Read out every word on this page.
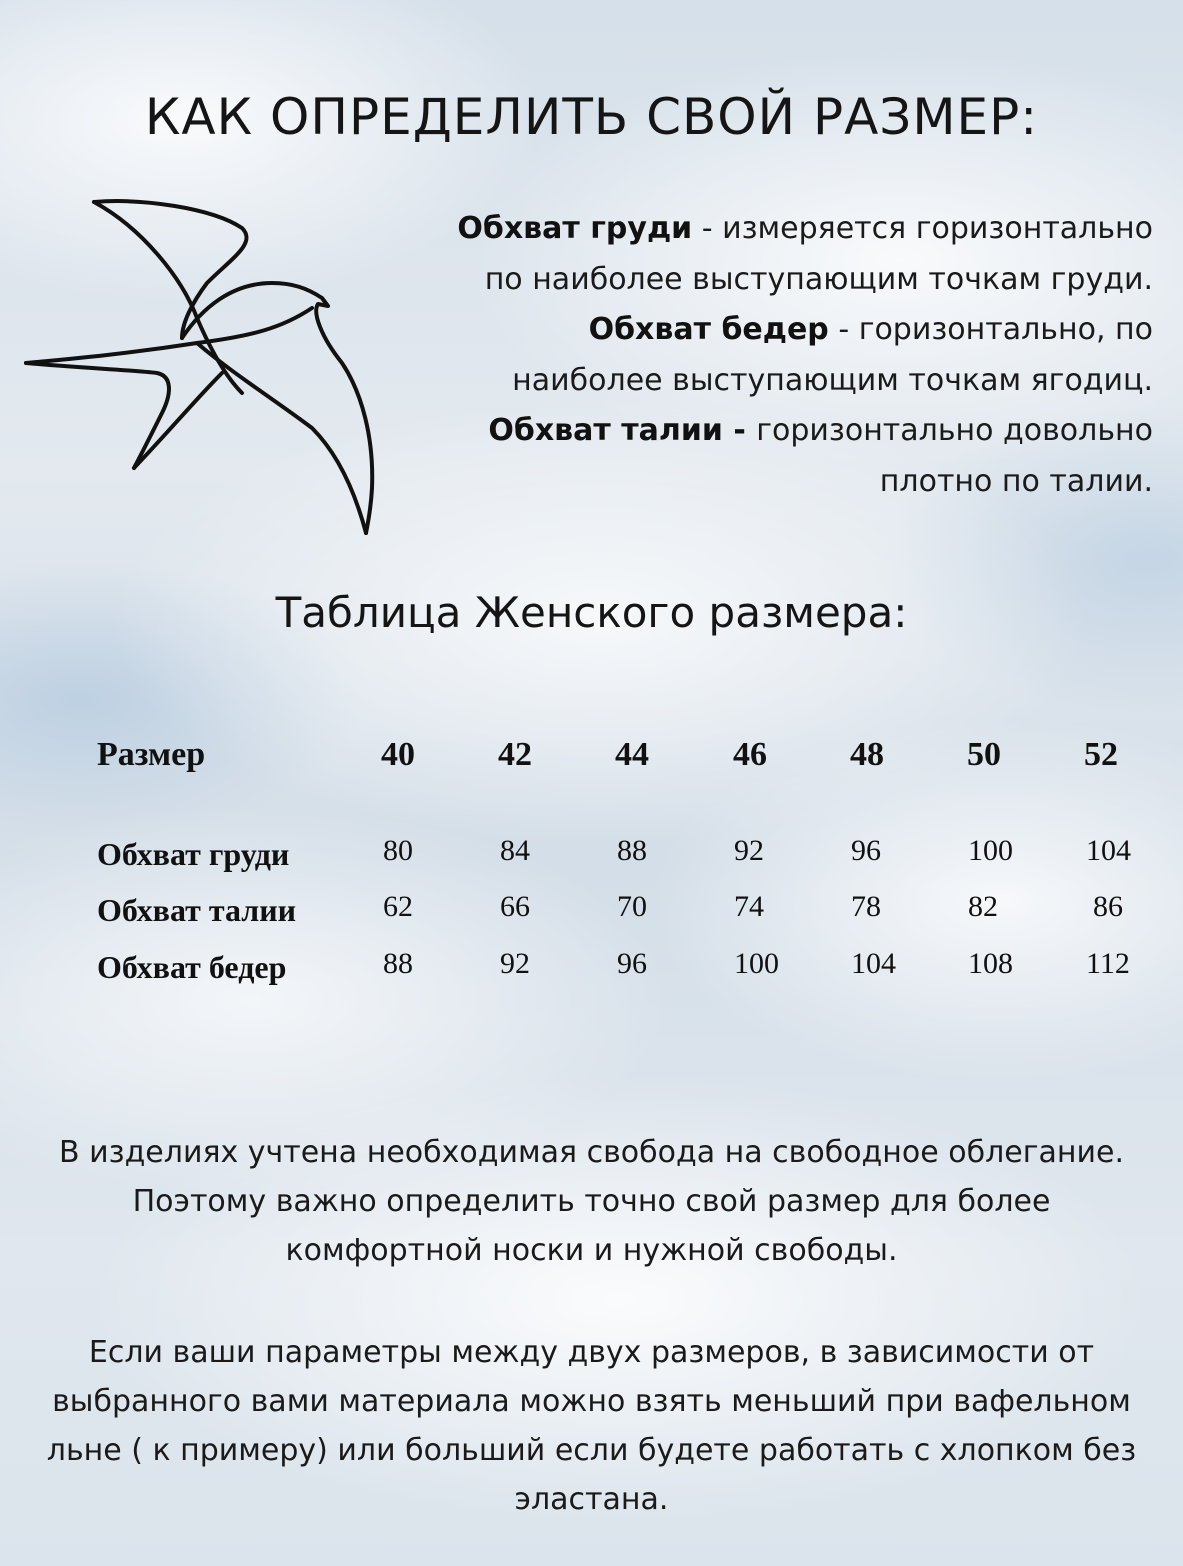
КАК ОПРЕДЕЛИТЬ СВОЙ РАЗМЕР:
Обхват груди - измеряется горизонтально
по наиболее выступающим точкам груди.
Обхват бедер - горизонтально, по
наиболее выступающим точкам ягодиц.
Обхват талии - горизонтально довольно
плотно по талии.
Таблица Женского размера:
Размер	40 42 44 46 48 50 52
Обхват груди	80	84	88	92	96	100 104
Обхват талии	62	66	70	74	78	82	86
Обхват бедер	88	92	96	100 104 108 112
В изделиях учтена необходимая свобода на свободное облегание.
Поэтому важно определить точно свой размер для более
комфортной носки и нужной свободы.
Если ваши параметры между двух размеров, в зависимости от
выбранного вами материала можно взять меньший при вафельном
льне ( к примеру) или больший если будете работать с хлопком без
эластана.
